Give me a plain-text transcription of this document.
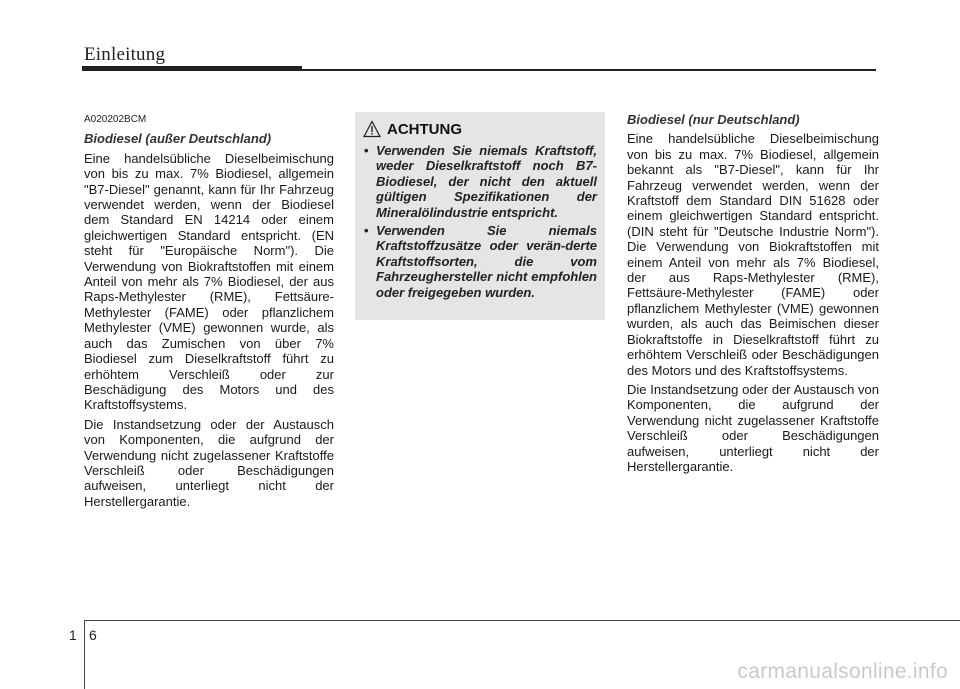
Einleitung

A020202BCM

Biodiesel (außer Deutschland)

Eine handelsübliche Dieselbeimischung von bis zu max. 7% Biodiesel, allgemein "B7-Diesel" genannt, kann für Ihr Fahrzeug verwendet werden, wenn der Biodiesel dem Standard EN 14214 oder einem gleichwertigen Standard entspricht. (EN steht für "Europäische Norm"). Die Verwendung von Biokraftstoffen mit einem Anteil von mehr als 7% Biodiesel, der aus Raps-Methylester (RME), Fettsäure-Methylester (FAME) oder pflanzlichem Methylester (VME) gewonnen wurde, als auch das Zumischen von über 7% Biodiesel zum Dieselkraftstoff führt zu erhöhtem Verschleiß oder zur Beschädigung des Motors und des Kraftstoffsystems.

Die Instandsetzung oder der Austausch von Komponenten, die aufgrund der Verwendung nicht zugelassener Kraftstoffe Verschleiß oder Beschädigungen aufweisen, unterliegt nicht der Herstellergarantie.

ACHTUNG
• Verwenden Sie niemals Kraftstoff, weder Dieselkraftstoff noch B7-Biodiesel, der nicht den aktuell gültigen Spezifikationen der Mineralölindustrie entspricht.
• Verwenden Sie niemals Kraftstoffzusätze oder verän-derte Kraftstoffsorten, die vom Fahrzeughersteller nicht empfohlen oder freigegeben wurden.

Biodiesel (nur Deutschland)

Eine handelsübliche Dieselbeimischung von bis zu max. 7% Biodiesel, allgemein bekannt als "B7-Diesel", kann für Ihr Fahrzeug verwendet werden, wenn der Kraftstoff dem Standard DIN 51628 oder einem gleichwertigen Standard entspricht. (DIN steht für "Deutsche Industrie Norm"). Die Verwendung von Biokraftstoffen mit einem Anteil von mehr als 7% Biodiesel, der aus Raps-Methylester (RME), Fettsäure-Methylester (FAME) oder pflanzlichem Methylester (VME) gewonnen wurden, als auch das Beimischen dieser Biokraftstoffe in Dieselkraftstoff führt zu erhöhtem Verschleiß oder Beschädigungen des Motors und des Kraftstoffsystems.

Die Instandsetzung oder der Austausch von Komponenten, die aufgrund der Verwendung nicht zugelassener Kraftstoffe Verschleiß oder Beschädigungen aufweisen, unterliegt nicht der Herstellergarantie.

1 6
carmanualsonline.info
